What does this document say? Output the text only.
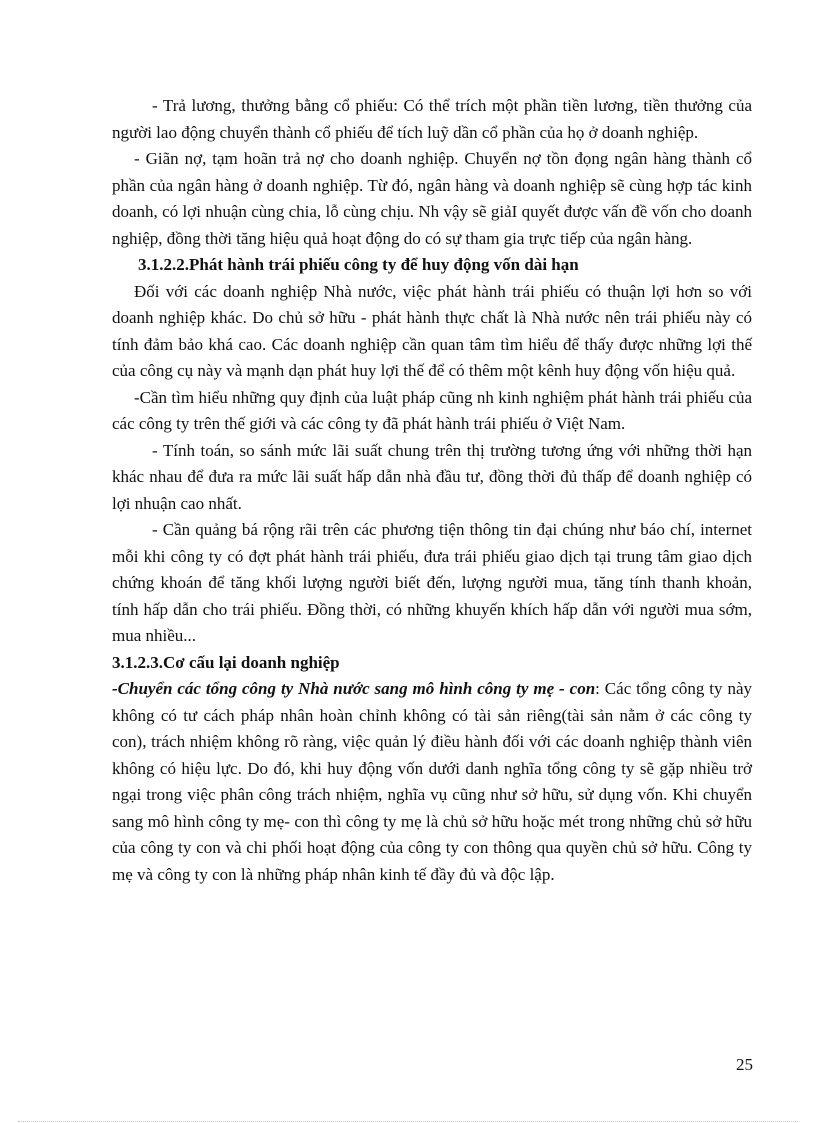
- Trả lương, thưởng bằng cổ phiếu: Có thể trích một phần tiền lương, tiền thưởng của người lao động chuyển thành cổ phiếu để tích luỹ dần cổ phần của họ ở doanh nghiệp.

- Giãn nợ, tạm hoãn trả nợ cho doanh nghiệp. Chuyển nợ tồn đọng ngân hàng thành cổ phần của ngân hàng ở doanh nghiệp. Từ đó, ngân hàng và doanh nghiệp sẽ cùng hợp tác kinh doanh, có lợi nhuận cùng chia, lỗ cùng chịu. Nh vậy sẽ giảI quyết được vấn đề vốn cho doanh nghiệp, đồng thời tăng hiệu quả hoạt động do có sự tham gia trực tiếp của ngân hàng.

3.1.2.2.Phát hành trái phiếu công ty để huy động vốn dài hạn

Đối với các doanh nghiệp Nhà nước, việc phát hành trái phiếu có thuận lợi hơn so với doanh nghiệp khác. Do chủ sở hữu - phát hành thực chất là Nhà nước nên trái phiếu này có tính đảm bảo khá cao. Các doanh nghiệp cần quan tâm tìm hiểu để thấy được những lợi thế của công cụ này và mạnh dạn phát huy lợi thế để có thêm một kênh huy động vốn hiệu quả.

-Cần tìm hiểu những quy định của luật pháp cũng nh kinh nghiệm phát hành trái phiếu của các công ty trên thế giới và các công ty đã phát hành trái phiếu ở Việt Nam.

- Tính toán, so sánh mức lãi suất chung trên thị trường tương ứng với những thời hạn khác nhau để đưa ra mức lãi suất hấp dẫn nhà đầu tư, đồng thời đủ thấp để doanh nghiệp có lợi nhuận cao nhất.

- Cần quảng bá rộng rãi trên các phương tiện thông tin đại chúng như báo chí, internet mỗi khi công ty có đợt phát hành trái phiếu, đưa trái phiếu giao dịch tại trung tâm giao dịch chứng khoán để tăng khối lượng người biết đến, lượng người mua, tăng tính thanh khoản, tính hấp dẫn cho trái phiếu. Đồng thời, có những khuyến khích hấp dẫn với người mua sớm, mua nhiều...

3.1.2.3.Cơ cấu lại doanh nghiệp

-Chuyển các tổng công ty Nhà nước sang mô hình công ty mẹ - con: Các tổng công ty này không có tư cách pháp nhân hoàn chỉnh không có tài sản riêng(tài sản nằm ở các công ty con), trách nhiệm không rõ ràng, việc quản lý điều hành đối với các doanh nghiệp thành viên không có hiệu lực. Do đó, khi huy động vốn dưới danh nghĩa tổng công ty sẽ gặp nhiều trở ngại trong việc phân công trách nhiệm, nghĩa vụ cũng như sở hữu, sử dụng vốn. Khi chuyển sang mô hình công ty mẹ- con thì công ty mẹ là chủ sở hữu hoặc mét trong những chủ sở hữu của công ty con và chi phối hoạt động của công ty con thông qua quyền chủ sở hữu. Công ty mẹ và công ty con là những pháp nhân kinh tế đầy đủ và độc lập.

25
